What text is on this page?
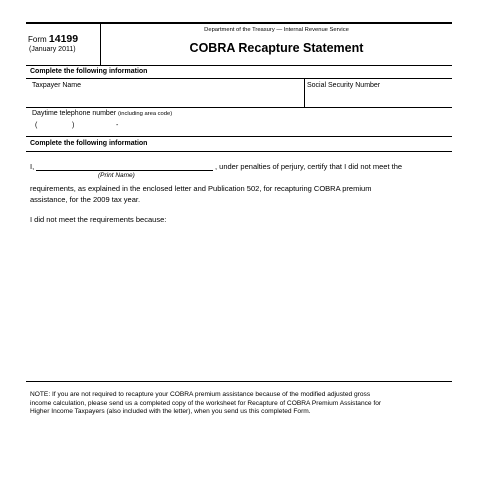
Form 14199
(January 2011)
Department of the Treasury — Internal Revenue Service
COBRA Recapture Statement
Complete the following information
Taxpayer Name	Social Security Number
Daytime telephone number (including area code)
(	)	-
Complete the following information
I,	, under penalties of perjury, certify that I did not meet the
(Print Name)
requirements, as explained in the enclosed letter and Publication 502, for recapturing COBRA premium
assistance, for the 2009 tax year.
I did not meet the requirements because:
NOTE: If you are not required to recapture your COBRA premium assistance because of the modified adjusted gross
income calculation, please send us a completed copy of the worksheet for Recapture of COBRA Premium Assistance for
Higher Income Taxpayers (also included with the letter), when you send us this completed Form.
